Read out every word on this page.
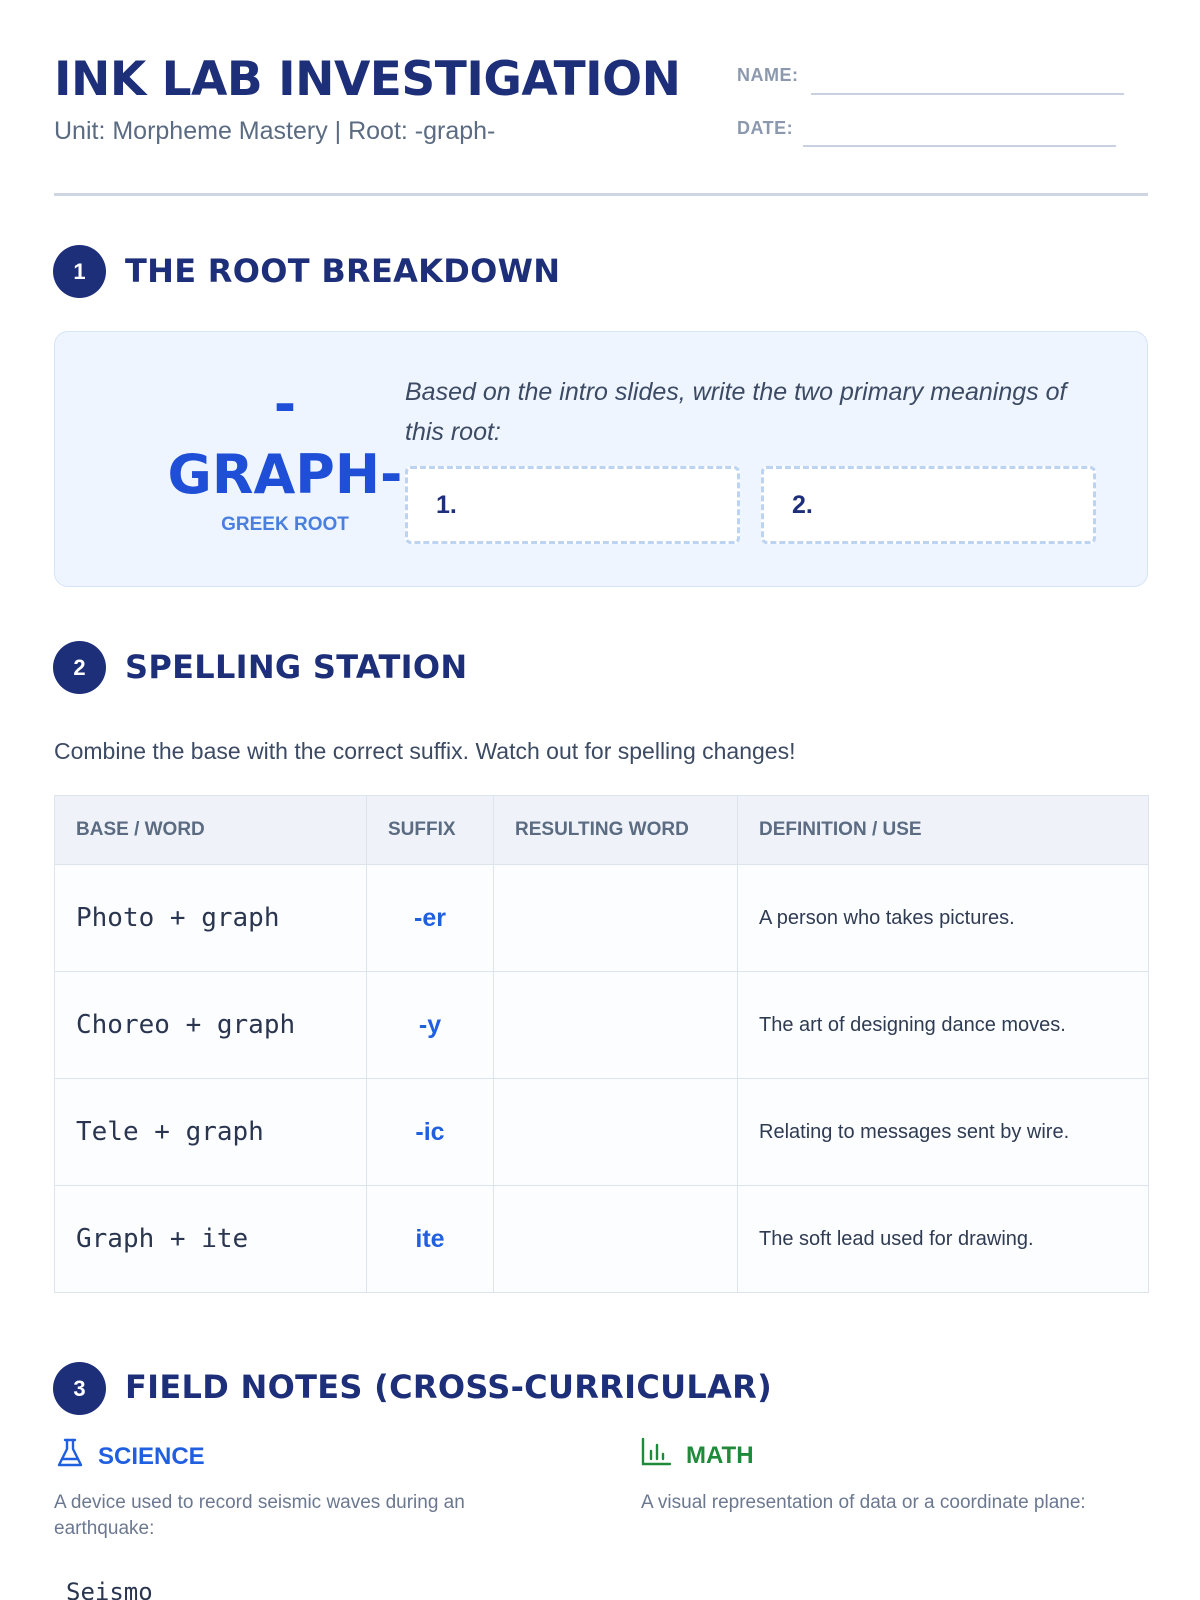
INK LAB INVESTIGATION
Unit: Morpheme Mastery | Root: -graph-
NAME:
DATE:
1	THE ROOT BREAKDOWN
-
GRAPH-
GREEK ROOT
Based on the intro slides, write the two primary meanings of this root:
1.	2.
2	SPELLING STATION
Combine the base with the correct suffix. Watch out for spelling changes!
BASE / WORD	SUFFIX	RESULTING WORD	DEFINITION / USE
Photo + graph	-er		A person who takes pictures.
Choreo + graph	-y		The art of designing dance moves.
Tele + graph	-ic		Relating to messages sent by wire.
Graph + ite	ite		The soft lead used for drawing.
3	FIELD NOTES (CROSS-CURRICULAR)
SCIENCE
A device used to record seismic waves during an earthquake:
Seismo
MATH
A visual representation of data or a coordinate plane:
